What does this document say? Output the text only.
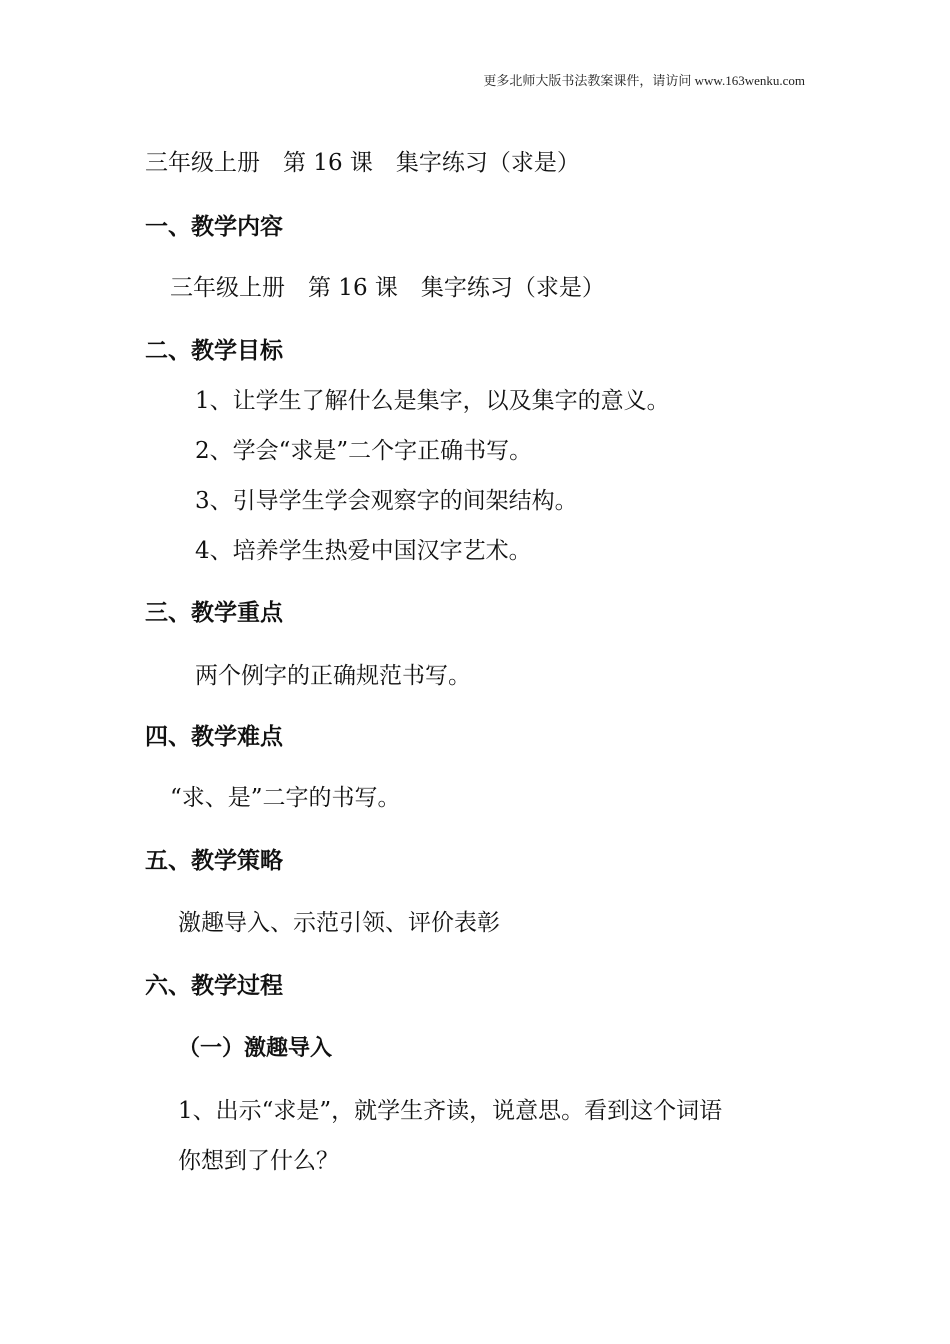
更多北师大版书法教案课件，请访问 www.163wenku.com
三年级上册　第 16 课　集字练习（求是）
一、教学内容
三年级上册　第 16 课　集字练习（求是）
二、教学目标
1、让学生了解什么是集字，以及集字的意义。
2、学会“求是”二个字正确书写。
3、引导学生学会观察字的间架结构。
4、培养学生热爱中国汉字艺术。
三、教学重点
两个例字的正确规范书写。
四、教学难点
“求、是”二字的书写。
五、教学策略
激趣导入、示范引领、评价表彰
六、教学过程
（一）激趣导入
1、出示“求是”，就学生齐读，说意思。看到这个词语
你想到了什么？
